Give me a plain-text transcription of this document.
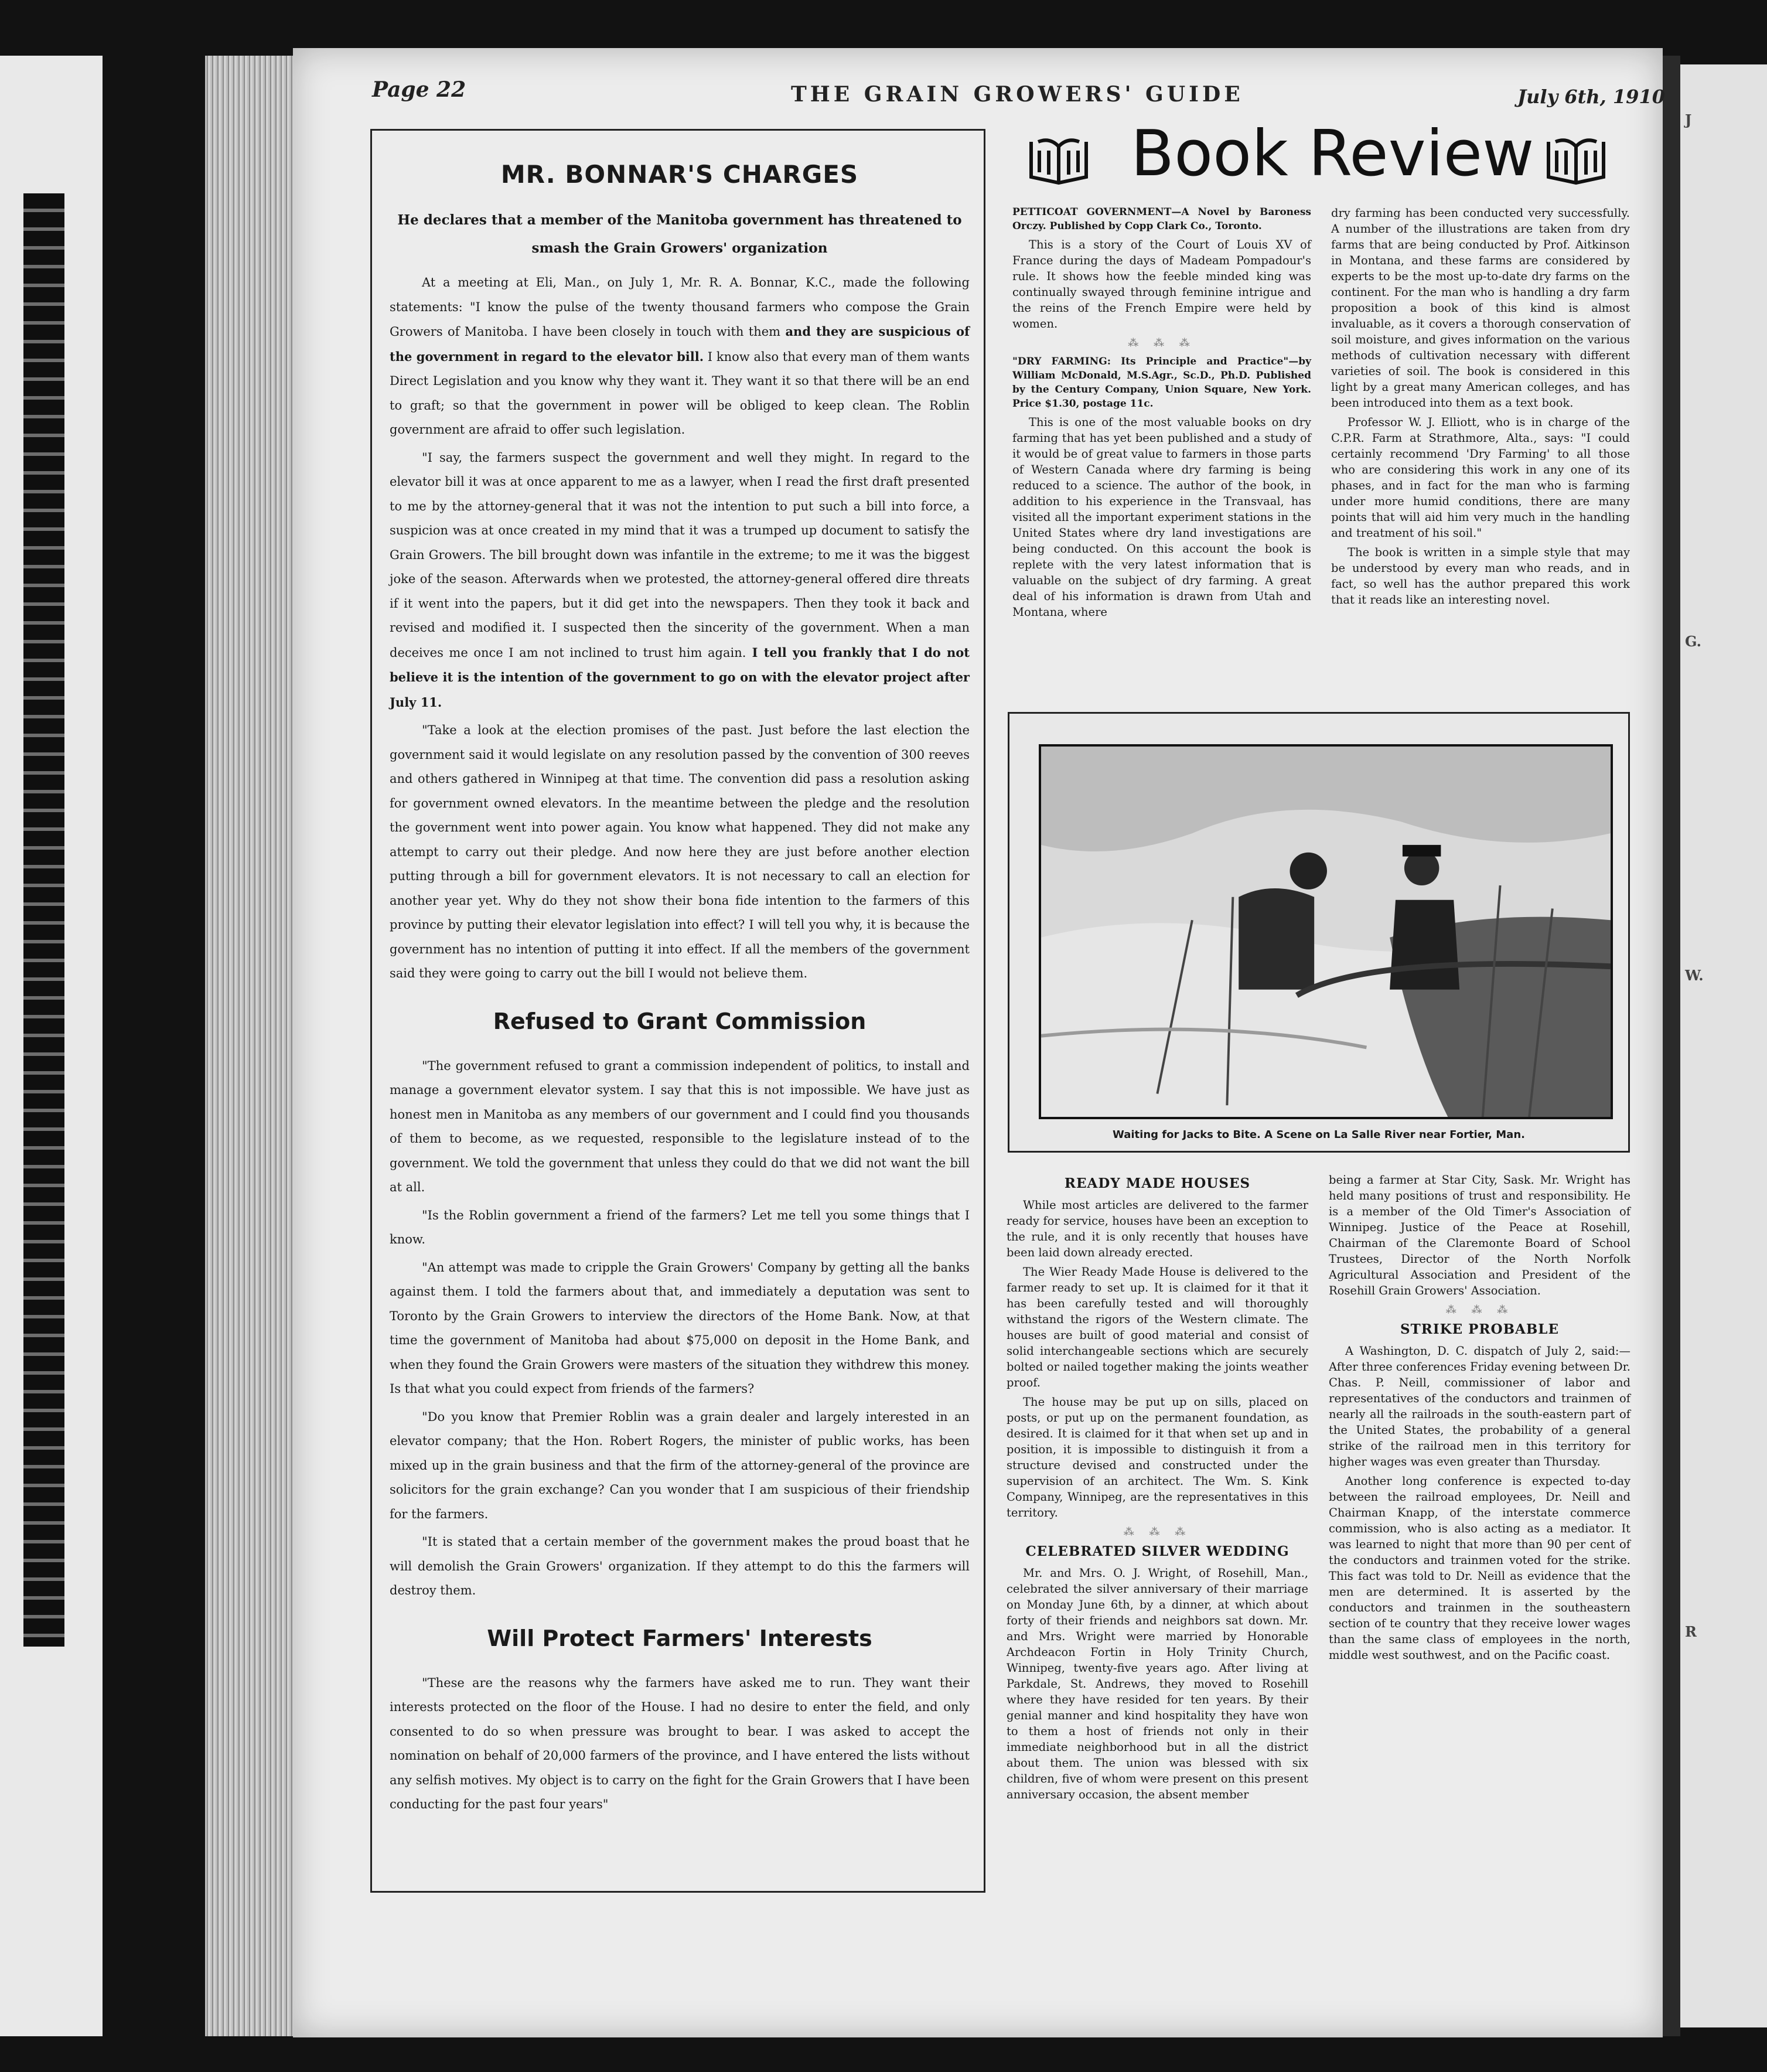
J
G.
W.
R
Page 22	THE GRAIN GROWERS' GUIDE	July 6th, 1910
MR. BONNAR'S CHARGES
He declares that a member of the Manitoba government has threatened to smash the Grain Growers' organization

At a meeting at Eli, Man., on July 1, Mr. R. A. Bonnar, K.C., made the following statements: "I know the pulse of the twenty thousand farmers who compose the Grain Growers of Manitoba. I have been closely in touch with them and they are suspicious of the government in regard to the elevator bill. I know also that every man of them wants Direct Legislation and you know why they want it. They want it so that there will be an end to graft; so that the government in power will be obliged to keep clean. The Roblin government are afraid to offer such legislation.

"I say, the farmers suspect the government and well they might. In regard to the elevator bill it was at once apparent to me as a lawyer, when I read the first draft presented to me by the attorney-general that it was not the intention to put such a bill into force, a suspicion was at once created in my mind that it was a trumped up document to satisfy the Grain Growers. The bill brought down was infantile in the extreme; to me it was the biggest joke of the season. Afterwards when we protested, the attorney-general offered dire threats if it went into the papers, but it did get into the newspapers. Then they took it back and revised and modified it. I suspected then the sincerity of the government. When a man deceives me once I am not inclined to trust him again. I tell you frankly that I do not believe it is the intention of the government to go on with the elevator project after July 11.

"Take a look at the election promises of the past. Just before the last election the government said it would legislate on any resolution passed by the convention of 300 reeves and others gathered in Winnipeg at that time. The convention did pass a resolution asking for government owned elevators. In the meantime between the pledge and the resolution the government went into power again. You know what happened. They did not make any attempt to carry out their pledge. And now here they are just before another election putting through a bill for government elevators. It is not necessary to call an election for another year yet. Why do they not show their bona fide intention to the farmers of this province by putting their elevator legislation into effect? I will tell you why, it is because the government has no intention of putting it into effect. If all the members of the government said they were going to carry out the bill I would not believe them.

Refused to Grant Commission

"The government refused to grant a commission independent of politics, to install and manage a government elevator system. I say that this is not impossible. We have just as honest men in Manitoba as any members of our government and I could find you thousands of them to become, as we requested, responsible to the legislature instead of to the government. We told the government that unless they could do that we did not want the bill at all.

"Is the Roblin government a friend of the farmers? Let me tell you some things that I know.

"An attempt was made to cripple the Grain Growers' Company by getting all the banks against them. I told the farmers about that, and immediately a deputation was sent to Toronto by the Grain Growers to interview the directors of the Home Bank. Now, at that time the government of Manitoba had about $75,000 on deposit in the Home Bank, and when they found the Grain Growers were masters of the situation they withdrew this money. Is that what you could expect from friends of the farmers?

"Do you know that Premier Roblin was a grain dealer and largely interested in an elevator company; that the Hon. Robert Rogers, the minister of public works, has been mixed up in the grain business and that the firm of the attorney-general of the province are solicitors for the grain exchange? Can you wonder that I am suspicious of their friendship for the farmers.

"It is stated that a certain member of the government makes the proud boast that he will demolish the Grain Growers' organization. If they attempt to do this the farmers will destroy them.

Will Protect Farmers' Interests

"These are the reasons why the farmers have asked me to run. They want their interests protected on the floor of the House. I had no desire to enter the field, and only consented to do so when pressure was brought to bear. I was asked to accept the nomination on behalf of 20,000 farmers of the province, and I have entered the lists without any selfish motives. My object is to carry on the fight for the Grain Growers that I have been conducting for the past four years"

Book Review

PETTICOAT GOVERNMENT—A Novel by Baroness Orczy. Published by Copp Clark Co., Toronto.

This is a story of the Court of Louis XV of France during the days of Madeam Pompadour's rule. It shows how the feeble minded king was continually swayed through feminine intrigue and the reins of the French Empire were held by women.

⁂ ⁂ ⁂

"DRY FARMING: Its Principle and Practice"—by William McDonald, M.S.Agr., Sc.D., Ph.D. Published by the Century Company, Union Square, New York. Price $1.30, postage 11c.

This is one of the most valuable books on dry farming that has yet been published and a study of it would be of great value to farmers in those parts of Western Canada where dry farming is being reduced to a science. The author of the book, in addition to his experience in the Transvaal, has visited all the important experiment stations in the United States where dry land investigations are being conducted. On this account the book is replete with the very latest information that is valuable on the subject of dry farming. A great deal of his information is drawn from Utah and Montana, where

dry farming has been conducted very successfully. A number of the illustrations are taken from dry farms that are being conducted by Prof. Aitkinson in Montana, and these farms are considered by experts to be the most up-to-date dry farms on the continent. For the man who is handling a dry farm proposition a book of this kind is almost invaluable, as it covers a thorough conservation of soil moisture, and gives information on the various methods of cultivation necessary with different varieties of soil. The book is considered in this light by a great many American colleges, and has been introduced into them as a text book.

Professor W. J. Elliott, who is in charge of the C.P.R. Farm at Strathmore, Alta., says: "I could certainly recommend 'Dry Farming' to all those who are considering this work in any one of its phases, and in fact for the man who is farming under more humid conditions, there are many points that will aid him very much in the handling and treatment of his soil."

The book is written in a simple style that may be understood by every man who reads, and in fact, so well has the author prepared this work that it reads like an interesting novel.

Waiting for Jacks to Bite. A Scene on La Salle River near Fortier, Man.

READY MADE HOUSES

While most articles are delivered to the farmer ready for service, houses have been an exception to the rule, and it is only recently that houses have been laid down already erected.

The Wier Ready Made House is delivered to the farmer ready to set up. It is claimed for it that it has been carefully tested and will thoroughly withstand the rigors of the Western climate. The houses are built of good material and consist of solid interchangeable sections which are securely bolted or nailed together making the joints weather proof.

The house may be put up on sills, placed on posts, or put up on the permanent foundation, as desired. It is claimed for it that when set up and in position, it is impossible to distinguish it from a structure devised and constructed under the supervision of an architect. The Wm. S. Kink Company, Winnipeg, are the representatives in this territory.

⁂ ⁂ ⁂

CELEBRATED SILVER WEDDING

Mr. and Mrs. O. J. Wright, of Rosehill, Man., celebrated the silver anniversary of their marriage on Monday June 6th, by a dinner, at which about forty of their friends and neighbors sat down. Mr. and Mrs. Wright were married by Honorable Archdeacon Fortin in Holy Trinity Church, Winnipeg, twenty-five years ago. After living at Parkdale, St. Andrews, they moved to Rosehill where they have resided for ten years. By their genial manner and kind hospitality they have won to them a host of friends not only in their immediate neighborhood but in all the district about them. The union was blessed with six children, five of whom were present on this present anniversary occasion, the absent member

being a farmer at Star City, Sask. Mr. Wright has held many positions of trust and responsibility. He is a member of the Old Timer's Association of Winnipeg. Justice of the Peace at Rosehill, Chairman of the Claremonte Board of School Trustees, Director of the North Norfolk Agricultural Association and President of the Rosehill Grain Growers' Association.

⁂ ⁂ ⁂

STRIKE PROBABLE

A Washington, D. C. dispatch of July 2, said:—After three conferences Friday evening between Dr. Chas. P. Neill, commissioner of labor and representatives of the conductors and trainmen of nearly all the railroads in the south-eastern part of the United States, the probability of a general strike of the railroad men in this territory for higher wages was even greater than Thursday.

Another long conference is expected to-day between the railroad employees, Dr. Neill and Chairman Knapp, of the interstate commerce commission, who is also acting as a mediator. It was learned to night that more than 90 per cent of the conductors and trainmen voted for the strike. This fact was told to Dr. Neill as evidence that the men are determined. It is asserted by the conductors and trainmen in the southeastern section of te country that they receive lower wages than the same class of employees in the north, middle west southwest, and on the Pacific coast.
